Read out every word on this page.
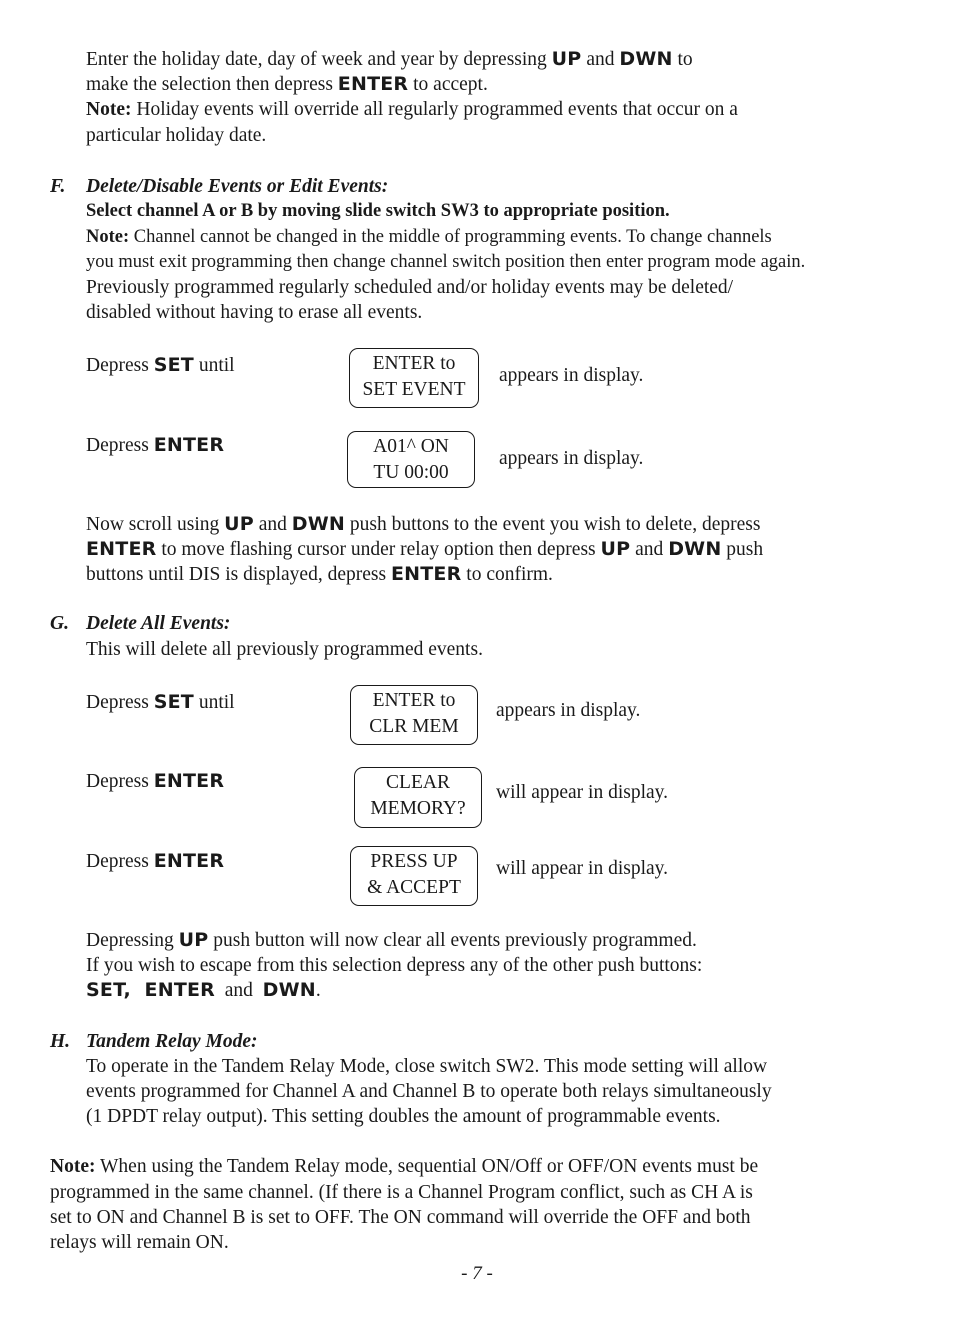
Enter the holiday date, day of week and year by depressing UP and DWN to
make the selection then depress ENTER to accept.
Note: Holiday events will override all regularly programmed events that occur on a
particular holiday date.
F. Delete/Disable Events or Edit Events:
Select channel A or B by moving slide switch SW3 to appropriate position.
Note: Channel cannot be changed in the middle of programming events. To change channels
you must exit programming then change channel switch position then enter program mode again.
Previously programmed regularly scheduled and/or holiday events may be deleted/
disabled without having to erase all events.
Depress SET until	ENTER to
SET EVENT
appears in display.
Depress ENTER	A01^ ON
TU 00:00
appears in display.
Now scroll using UP and DWN push buttons to the event you wish to delete, depress
ENTER to move flashing cursor under relay option then depress UP and DWN push
buttons until DIS is displayed, depress ENTER to confirm.
G. Delete All Events:
This will delete all previously programmed events.
Depress SET until	ENTER to
CLR MEM
appears in display.
Depress ENTER	CLEAR
MEMORY?
will appear in display.
Depress ENTER	PRESS UP
& ACCEPT
will appear in display.
Depressing UP push button will now clear all events previously programmed.
If you wish to escape from this selection depress any of the other push buttons:
SET,  ENTER  and  DWN.
H. Tandem Relay Mode:
To operate in the Tandem Relay Mode, close switch SW2. This mode setting will allow
events programmed for Channel A and Channel B to operate both relays simultaneously
(1 DPDT relay output). This setting doubles the amount of programmable events.
Note: When using the Tandem Relay mode, sequential ON/Off or OFF/ON events must be
programmed in the same channel. (If there is a Channel Program conflict, such as CH A is
set to ON and Channel B is set to OFF. The ON command will override the OFF and both
relays will remain ON.
- 7 -
